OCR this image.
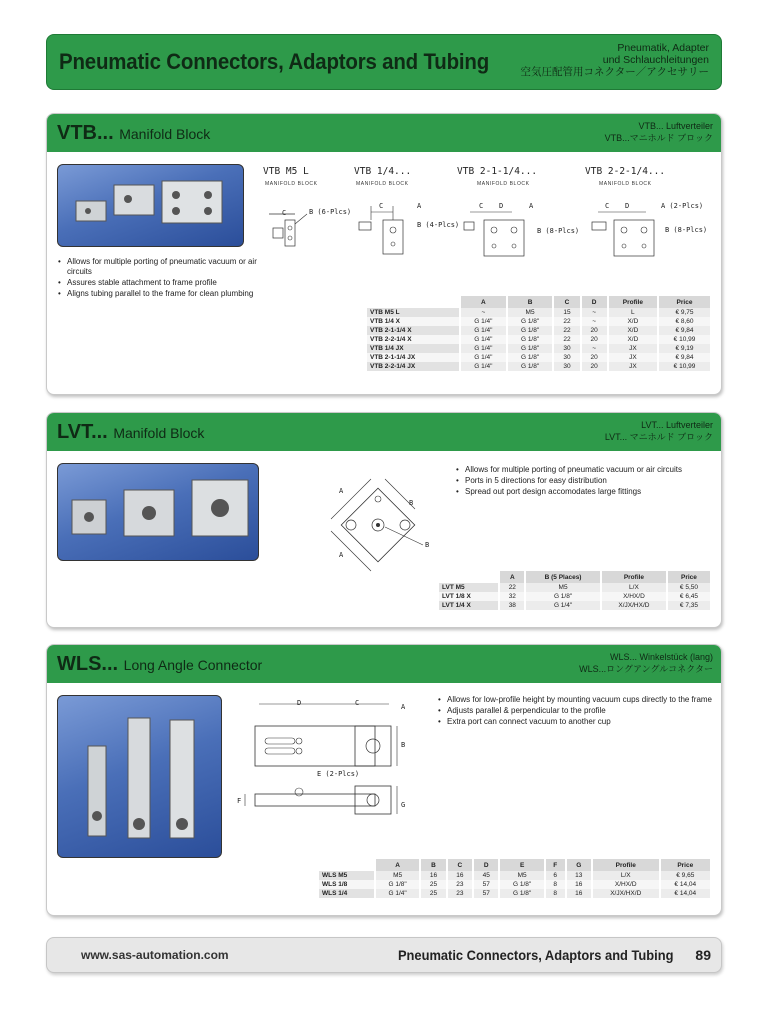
Pneumatic Connectors, Adaptors and Tubing
Pneumatik, Adapter
und Schlauchleitungen
空気圧配管用コネクター／アクセサリー
VTB... Manifold Block	VTB... Luftverteiler
VTB...マニホルド ブロック
• Allows for multiple porting of pneumatic vacuum or air circuits
• Assures stable attachment to frame profile
• Aligns tubing parallel to the frame for clean plumbing
VTB M5 L
MANIFOLD BLOCK
C	B (6-Plcs)
VTB 1/4...
MANIFOLD BLOCK
C	A
B (4-Plcs)
VTB 2-1-1/4...
MANIFOLD BLOCK
C D	A
B (8-Plcs)
VTB 2-2-1/4...
MANIFOLD BLOCK
C D	A (2-Plcs)
B (8-Plcs)
	A	B	C	D	Profile	Price
VTB M5 L	~	M5	15	~	L	€ 9,75
VTB 1/4 X	G 1/4"	G 1/8"	22	~	X/D	€ 8,60
VTB 2-1-1/4 X	G 1/4"	G 1/8"	22	20	X/D	€ 9,84
VTB 2-2-1/4 X	G 1/4"	G 1/8"	22	20	X/D	€ 10,99
VTB 1/4 JX	G 1/4"	G 1/8"	30	~	JX	€ 9,19
VTB 2-1-1/4 JX	G 1/4"	G 1/8"	30	20	JX	€ 9,84
VTB 2-2-1/4 JX	G 1/4"	G 1/8"	30	20	JX	€ 10,99
LVT... Manifold Block	LVT... Luftverteiler
LVT... マニホルド ブロック
A
B
A
B
• Allows for multiple porting of pneumatic vacuum or air circuits
• Ports in 5 directions for easy distribution
• Spread out port design accomodates large fittings
	A	B (5 Places)	Profile	Price
LVT M5	22	M5	L/X	€ 5,50
LVT 1/8 X	32	G 1/8"	X/HX/D	€ 6,45
LVT 1/4 X	38	G 1/4"	X/JX/HX/D	€ 7,35
WLS... Long Angle Connector	WLS... Winkelstück (lang)
WLS...ロングアングルコネクター
D	C	A
B
E (2-Plcs)
F	G
• Allows for low-profile height by mounting vacuum cups directly to the frame
• Adjusts parallel & perpendicular to the profile
• Extra port can connect vacuum to another cup
	A	B	C	D	E	F	G	Profile	Price
WLS M5	M5	16	16	45	M5	6	13	L/X	€ 9,65
WLS 1/8	G 1/8"	25	23	57	G 1/8"	8	16	X/HX/D	€ 14,04
WLS 1/4	G 1/4"	25	23	57	G 1/8"	8	16	X/JX/HX/D	€ 14,04
www.sas-automation.com	Pneumatic Connectors, Adaptors and Tubing 89
